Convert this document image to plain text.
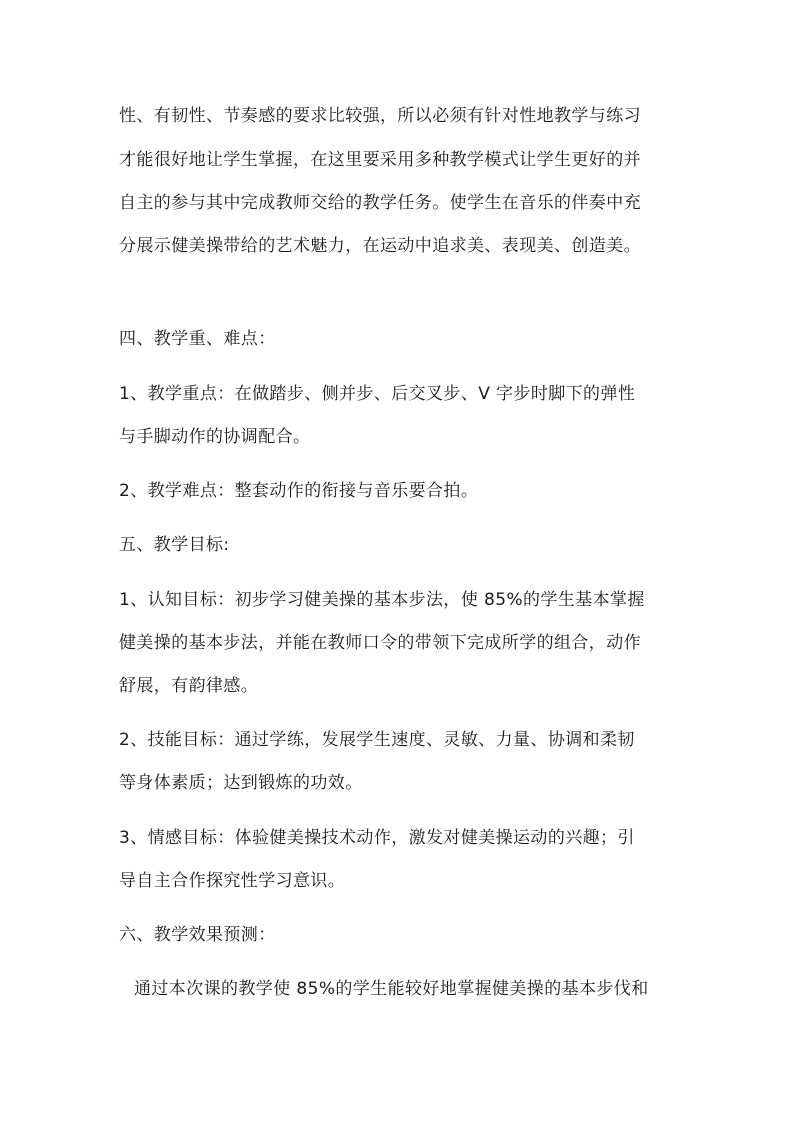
性、有韧性、节奏感的要求比较强，所以必须有针对性地教学与练习
才能很好地让学生掌握，在这里要采用多种教学模式让学生更好的并
自主的参与其中完成教师交给的教学任务。使学生在音乐的伴奏中充
分展示健美操带给的艺术魅力，在运动中追求美、表现美、创造美。
四、教学重、难点：
1、教学重点：在做踏步、侧并步、后交叉步、V 字步时脚下的弹性
与手脚动作的协调配合。
2、教学难点：整套动作的衔接与音乐要合拍。
五、教学目标:
1、认知目标：初步学习健美操的基本步法，使 85%的学生基本掌握
健美操的基本步法，并能在教师口令的带领下完成所学的组合，动作
舒展，有韵律感。
2、技能目标：通过学练，发展学生速度、灵敏、力量、协调和柔韧
等身体素质；达到锻炼的功效。
3、情感目标：体验健美操技术动作，激发对健美操运动的兴趣；引
导自主合作探究性学习意识。
六、教学效果预测：
通过本次课的教学使 85%的学生能较好地掌握健美操的基本步伐和
